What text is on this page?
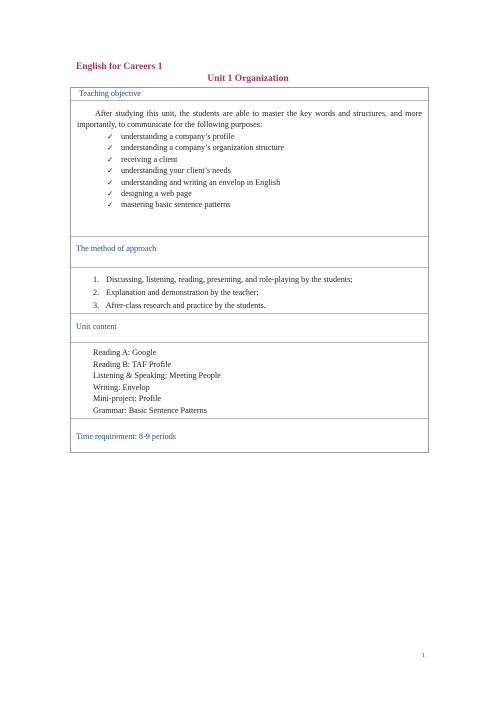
English for Careers 1
Unit 1 Organization
Teaching objective
After studying this unit, the students are able to master the key words and structures, and more importantly, to communicate for the following purposes:
✓ understanding a company’s profile
✓ understanding a company’s organization structure
✓ receiving a client
✓ understanding your client’s needs
✓ understanding and writing an envelop in English
✓ designing a web page
✓ mastering basic sentence patterns
The method of approach
1. Discussing, listening, reading, presenting, and role-playing by the students;
2. Explanation and demonstration by the teacher;
3. After-class research and practice by the students.
Unit content
Reading A: Google
Reading B: TAF Profile
Listening & Speaking: Meeting People
Writing: Envelop
Mini-project: Profile
Grammar: Basic Sentence Patterns
Time requirement: 8-9 periods
1
